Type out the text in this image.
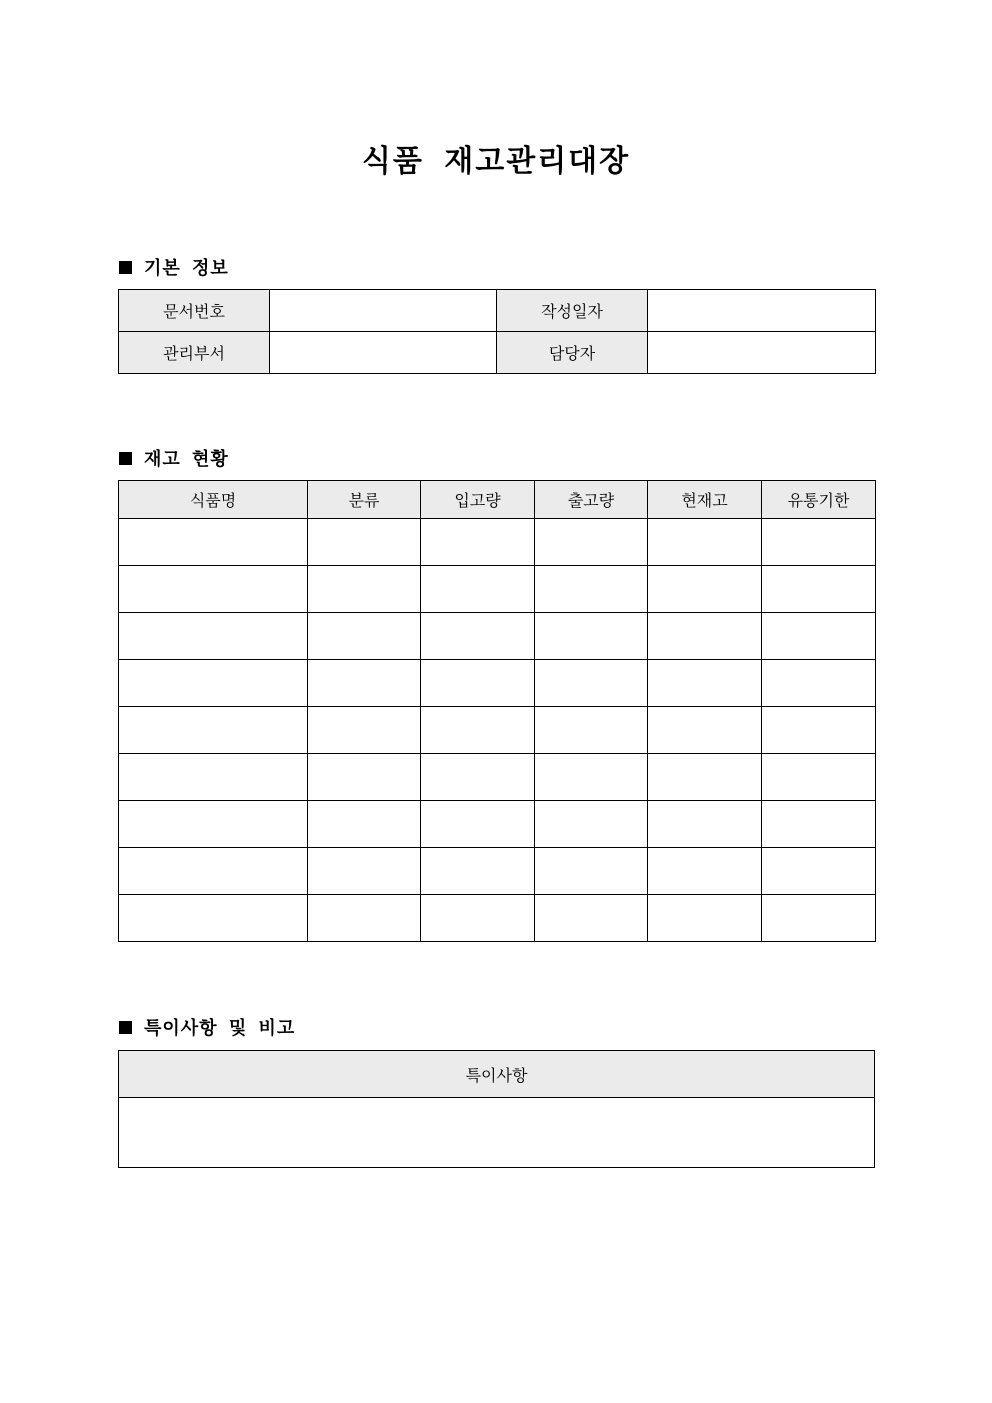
식품 재고관리대장
기본 정보
문서번호		작성일자	
관리부서		담당자	
재고 현황
식품명	분류	입고량	출고량	현재고	유통기한

특이사항 및 비고
특이사항
